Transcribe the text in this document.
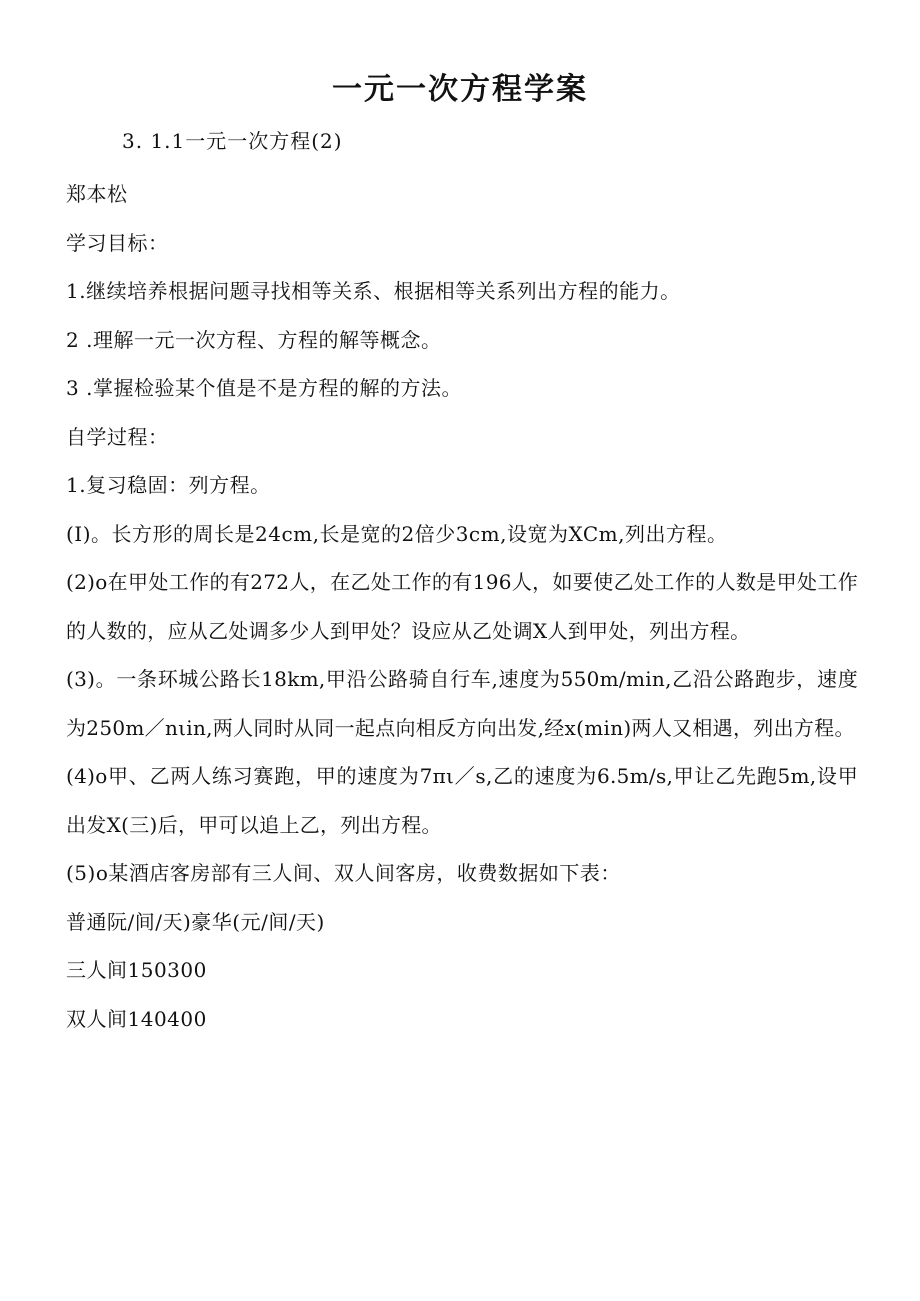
一元一次方程学案
3. 1.1一元一次方程(2)
郑本松
学习目标：
1.继续培养根据问题寻找相等关系、根据相等关系列出方程的能力。
2 .理解一元一次方程、方程的解等概念。
3 .掌握检验某个值是不是方程的解的方法。
自学过程：
1.复习稳固：列方程。
(I)。长方形的周长是24cm,长是宽的2倍少3cm,设宽为XCm,列出方程。
(2)o在甲处工作的有272人，在乙处工作的有196人，如要使乙处工作的人数是甲处工作的人数的，应从乙处调多少人到甲处？设应从乙处调X人到甲处，列出方程。
(3)。一条环城公路长18km,甲沿公路骑自行车,速度为550m/min,乙沿公路跑步，速度为250m／nιin,两人同时从同一起点向相反方向出发,经x(min)两人又相遇，列出方程。
(4)o甲、乙两人练习赛跑，甲的速度为7πι／s,乙的速度为6.5m/s,甲让乙先跑5m,设甲出发X(三)后，甲可以追上乙，列出方程。
(5)o某酒店客房部有三人间、双人间客房，收费数据如下表：
普通阮/间/天)豪华(元/间/天)
三人间150300
双人间140400
